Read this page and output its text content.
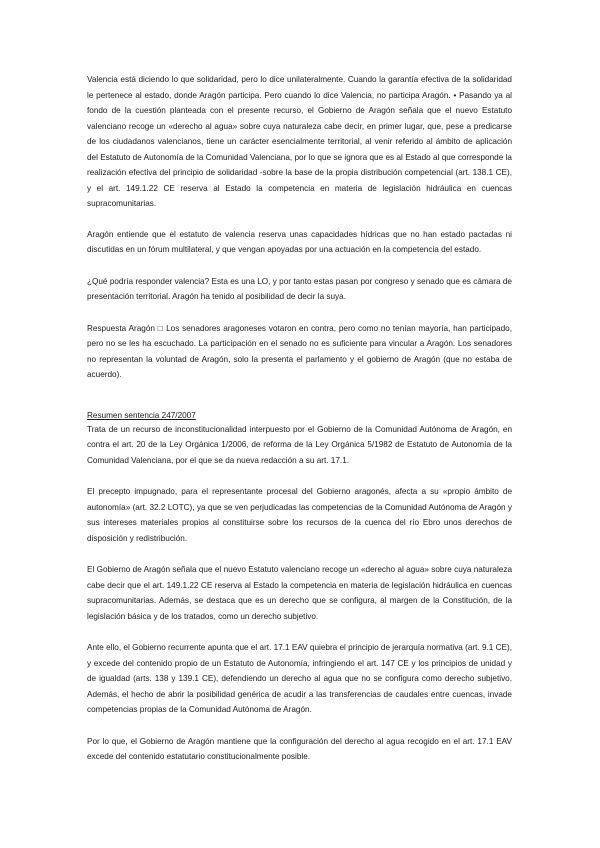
Valencia está diciendo lo que solidaridad, pero lo dice unilateralmente. Cuando la garantía efectiva de la solidaridad le pertenece al estado, donde Aragón participa. Pero cuando lo dice Valencia, no participa Aragón. • Pasando ya al fondo de la cuestión planteada con el presente recurso, el Gobierno de Aragón señala que el nuevo Estatuto valenciano recoge un «derecho al agua» sobre cuya naturaleza cabe decir, en primer lugar, que, pese a predicarse de los ciudadanos valencianos, tiene un carácter esencialmente territorial, al venir referido al ámbito de aplicación del Estatuto de Autonomía de la Comunidad Valenciana, por lo que se ignora que es al Estado al que corresponde la realización efectiva del principio de solidaridad -sobre la base de la propia distribución competencial (art. 138.1 CE), y el art. 149.1.22 CE reserva al Estado la competencia en materia de legislación hidráulica en cuencas supracomunitarias.

Aragón entiende que el estatuto de valencia reserva unas capacidades hídricas que no han estado pactadas ni discutidas en un fórum multilateral, y que vengan apoyadas por una actuación en la competencia del estado.

¿Qué podría responder valencia? Esta es una LO, y por tanto estas pasan por congreso y senado que es cámara de presentación territorial. Aragón ha tenido al posibilidad de decir la suya.

Respuesta Aragón □ Los senadores aragoneses votaron en contra, pero como no tenían mayoría, han participado, pero no se les ha escuchado. La participación en el senado no es suficiente para vincular a Aragón. Los senadores no representan la voluntad de Aragón, solo la presenta el parlamento y el gobierno de Aragón (que no estaba de acuerdo).

Resumen sentencia 247/2007

Trata de un recurso de inconstitucionalidad interpuesto por el Gobierno de la Comunidad Autónoma de Aragón, en contra el art. 20 de la Ley Orgánica 1/2006, de reforma de la Ley Orgánica 5/1982 de Estatuto de Autonomía de la Comunidad Valenciana, por el que se da nueva redacción a su art. 17.1.

El precepto impugnado, para el representante procesal del Gobierno aragonés, afecta a su «propio ámbito de autonomía» (art. 32.2 LOTC), ya que se ven perjudicadas las competencias de la Comunidad Autónoma de Aragón y sus intereses materiales propios al constituirse sobre los recursos de la cuenca del río Ebro unos derechos de disposición y redistribución.

El Gobierno de Aragón señala que el nuevo Estatuto valenciano recoge un «derecho al agua» sobre cuya naturaleza cabe decir que el art. 149.1.22 CE reserva al Estado la competencia en materia de legislación hidráulica en cuencas supracomunitarias. Además, se destaca que es un derecho que se configura, al margen de la Constitución, de la legislación básica y de los tratados, como un derecho subjetivo.

Ante ello, el Gobierno recurrente apunta que el art. 17.1 EAV quiebra el principio de jerarquía normativa (art. 9.1 CE), y excede del contenido propio de un Estatuto de Autonomía, infringiendo el art. 147 CE y los principios de unidad y de igualdad (arts. 138 y 139.1 CE), defendiendo un derecho al agua que no se configura como derecho subjetivo. Además, el hecho de abrir la posibilidad genérica de acudir a las transferencias de caudales entre cuencas, invade competencias propias de la Comunidad Autónoma de Aragón.

Por lo que, el Gobierno de Aragón mantiene que la configuración del derecho al agua recogido en el art. 17.1 EAV excede del contenido estatutario constitucionalmente posible.
